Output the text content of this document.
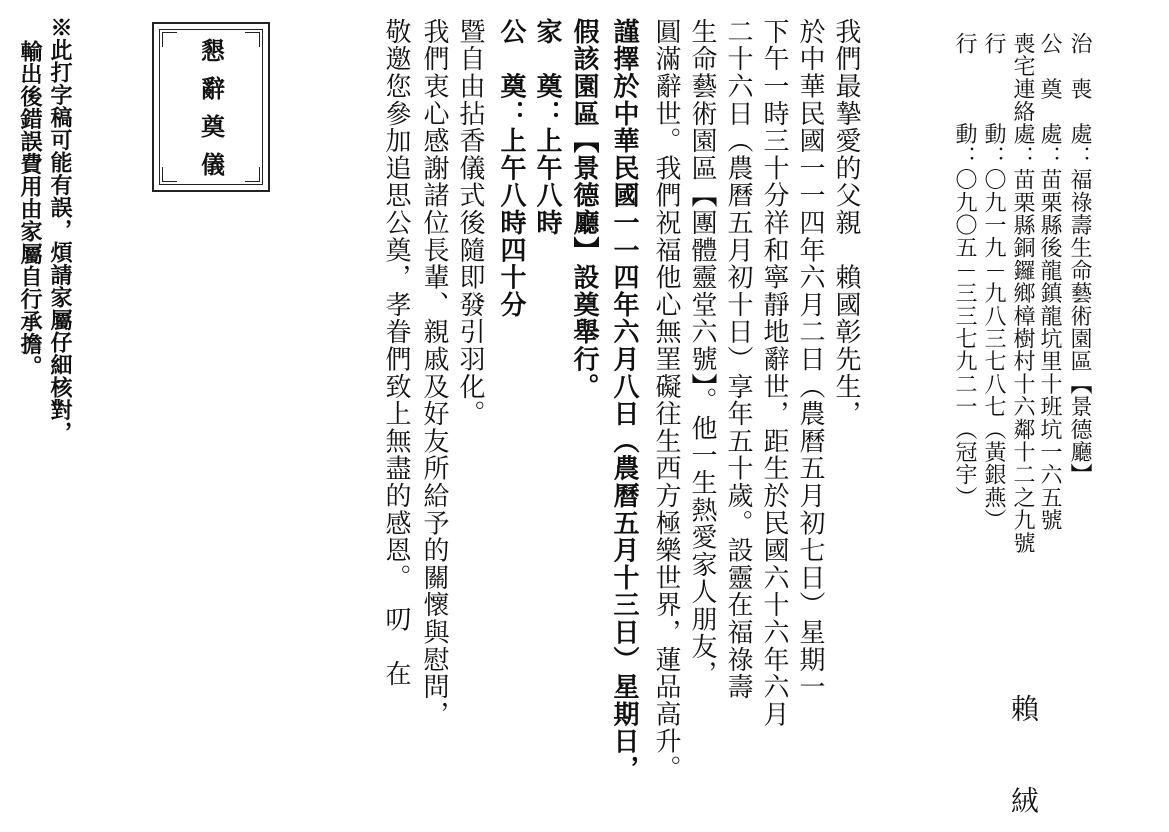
治　喪　處：福祿壽生命藝術園區【景德廳】
公　奠　處：苗栗縣後龍鎮龍坑里十班坑一六五號
喪宅連絡處：苗栗縣銅鑼鄉樟樹村十六鄰十二之九號
行　　　動：〇九一九－九八三七八七（黃銀燕）
行　　　動：〇九〇五－三三七九二一（冠宇）
賴　絨
我們最摯愛的父親　賴國彰先生，
於中華民國一一四年六月二日（農曆五月初七日）星期一
下午一時三十分祥和寧靜地辭世，距生於民國六十六年六月
二十六日（農曆五月初十日）享年五十歲。設靈在福祿壽
生命藝術園區【團體靈堂六號】。他一生熱愛家人朋友，
圓滿辭世。我們祝福他心無罣礙往生西方極樂世界，蓮品高升。
謹擇於中華民國一一四年六月八日（農曆五月十三日）星期日，
假該園區【景德廳】設奠舉行。
家　奠：上午八時
公　奠：上午八時四十分
暨自由拈香儀式後隨即發引羽化。
我們衷心感謝諸位長輩、親戚及好友所給予的關懷與慰問，
敬邀您參加追思公奠，孝眷們致上無盡的感恩。　叨　在
懇辭奠儀
※此打字稿可能有誤，煩請家屬仔細核對，
輸出後錯誤費用由家屬自行承擔。
